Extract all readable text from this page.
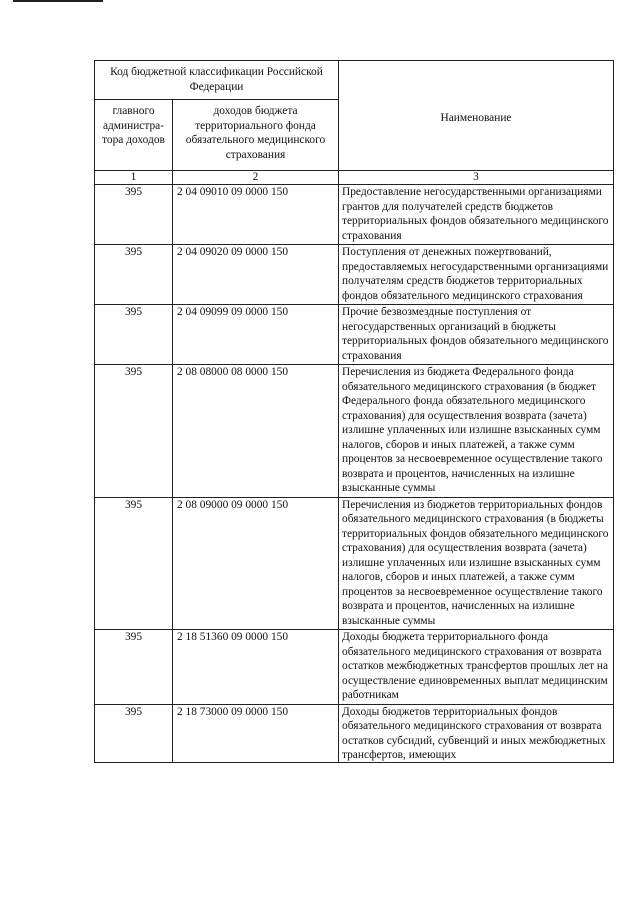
Код бюджетной классификации Российской Федерации		Наименование
главного администра-тора доходов	доходов бюджета территориального фонда обязательного медицинского страхования	
1	2	3
395	2 04 09010 09 0000 150	Предоставление негосударственными организациями грантов для получателей средств бюджетов территориальных фондов обязательного медицинского страхования
395	2 04 09020 09 0000 150	Поступления от денежных пожертвований, предоставляемых негосударственными организациями получателям средств бюджетов территориальных фондов обязательного медицинского страхования
395	2 04 09099 09 0000 150	Прочие безвозмездные поступления от негосударственных организаций в бюджеты территориальных фондов обязательного медицинского страхования
395	2 08 08000 08 0000 150	Перечисления из бюджета Федерального фонда обязательного медицинского страхования (в бюджет Федерального фонда обязательного медицинского страхования) для осуществления возврата (зачета) излишне уплаченных или излишне взысканных сумм налогов, сборов и иных платежей, а также сумм процентов за несвоевременное осуществление такого возврата и процентов, начисленных на излишне взысканные суммы
395	2 08 09000 09 0000 150	Перечисления из бюджетов территориальных фондов обязательного медицинского страхования (в бюджеты территориальных фондов обязательного медицинского страхования) для осуществления возврата (зачета) излишне уплаченных или излишне взысканных сумм налогов, сборов и иных платежей, а также сумм процентов за несвоевременное осуществление такого возврата и процентов, начисленных на излишне взысканные суммы
395	2 18 51360 09 0000 150	Доходы бюджета территориального фонда обязательного медицинского страхования от возврата остатков межбюджетных трансфертов прошлых лет на осуществление единовременных выплат медицинским работникам
395	2 18 73000 09 0000 150	Доходы бюджетов территориальных фондов обязательного медицинского страхования от возврата остатков субсидий, субвенций и иных межбюджетных трансфертов, имеющих
